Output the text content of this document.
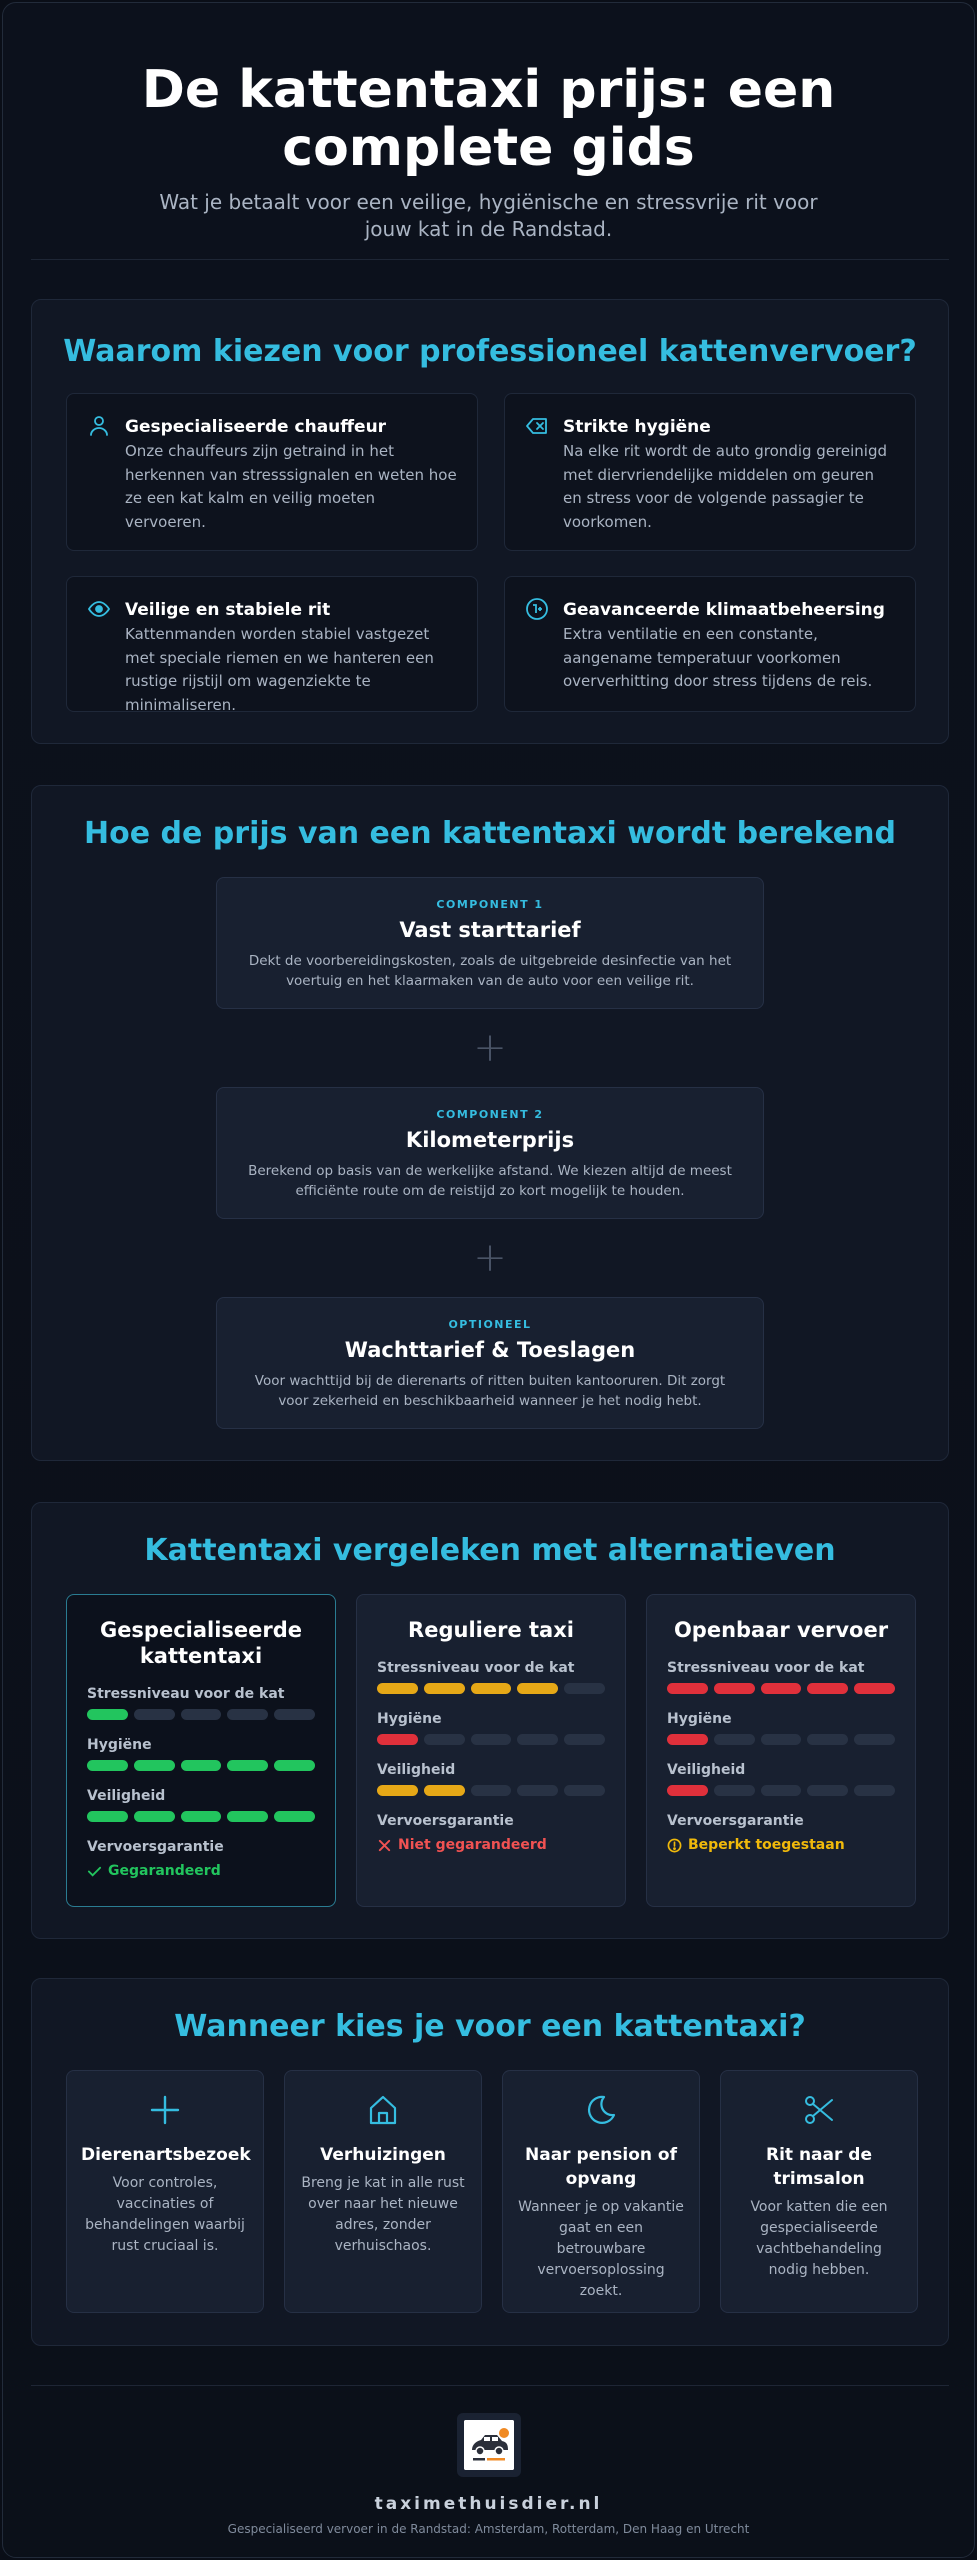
De kattentaxi prijs: een complete gids

Wat je betaalt voor een veilige, hygiënische en stressvrije rit voor jouw kat in de Randstad.

Waarom kiezen voor professioneel kattenvervoer?
Gespecialiseerde chauffeur
Onze chauffeurs zijn getraind in het herkennen van stresssignalen en weten hoe ze een kat kalm en veilig moeten vervoeren.
Strikte hygiëne
Na elke rit wordt de auto grondig gereinigd met diervriendelijke middelen om geuren en stress voor de volgende passagier te voorkomen.
Veilige en stabiele rit
Kattenmanden worden stabiel vastgezet met speciale riemen en we hanteren een rustige rijstijl om wagenziekte te minimaliseren.
Geavanceerde klimaatbeheersing
Extra ventilatie en een constante, aangename temperatuur voorkomen oververhitting door stress tijdens de reis.
Hoe de prijs van een kattentaxi wordt berekend
COMPONENT 1
Vast starttarief
Dekt de voorbereidingskosten, zoals de uitgebreide desinfectie van het voertuig en het klaarmaken van de auto voor een veilige rit.
+
COMPONENT 2
Kilometerprijs
Berekend op basis van de werkelijke afstand. We kiezen altijd de meest efficiënte route om de reistijd zo kort mogelijk te houden.
+
OPTIONEEL
Wachttarief & Toeslagen
Voor wachttijd bij de dierenarts of ritten buiten kantooruren. Dit zorgt voor zekerheid en beschikbaarheid wanneer je het nodig hebt.
Kattentaxi vergeleken met alternatieven
Gespecialiseerde kattentaxi
Stressniveau voor de kat
Hygiëne
Veiligheid
Vervoersgarantie
Gegarandeerd
Reguliere taxi
Stressniveau voor de kat
Hygiëne
Veiligheid
Vervoersgarantie
Niet gegarandeerd
Openbaar vervoer
Stressniveau voor de kat
Hygiëne
Veiligheid
Vervoersgarantie
Beperkt toegestaan
Wanneer kies je voor een kattentaxi?
Dierenartsbezoek
Voor controles, vaccinaties of behandelingen waarbij rust cruciaal is.
Verhuizingen
Breng je kat in alle rust over naar het nieuwe adres, zonder verhuischaos.
Naar pension of opvang
Wanneer je op vakantie gaat en een betrouwbare vervoersoplossing zoekt.
Rit naar de trimsalon
Voor katten die een gespecialiseerde vachtbehandeling nodig hebben.
taximethuisdier.nl
Gespecialiseerd vervoer in de Randstad: Amsterdam, Rotterdam, Den Haag en Utrecht
